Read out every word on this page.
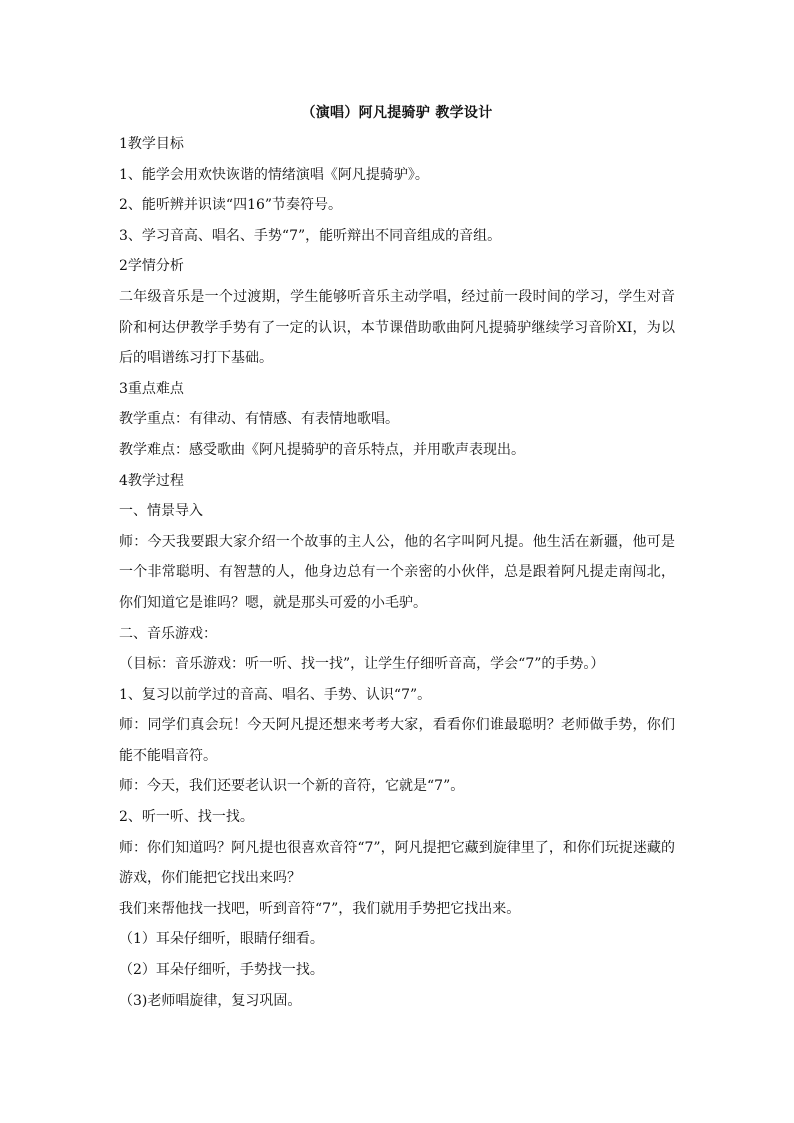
（演唱）阿凡提骑驴 教学设计

1教学目标

1、能学会用欢快诙谐的情绪演唱《阿凡提骑驴》。

2、能听辨并识读“四16”节奏符号。

3、学习音高、唱名、手势“7”，能听辩出不同音组成的音组。

2学情分析

二年级音乐是一个过渡期，学生能够听音乐主动学唱，经过前一段时间的学习，学生对音阶和柯达伊教学手势有了一定的认识，本节课借助歌曲阿凡提骑驴继续学习音阶XI，为以后的唱谱练习打下基础。

3重点难点

教学重点：有律动、有情感、有表情地歌唱。

教学难点：感受歌曲《阿凡提骑驴的音乐特点，并用歌声表现出。

4教学过程

一、情景导入

师：今天我要跟大家介绍一个故事的主人公，他的名字叫阿凡提。他生活在新疆，他可是一个非常聪明、有智慧的人，他身边总有一个亲密的小伙伴，总是跟着阿凡提走南闯北，你们知道它是谁吗？嗯，就是那头可爱的小毛驴。

二、音乐游戏：

（目标：音乐游戏：听一听、找一找”，让学生仔细听音高，学会“7”的手势。）

1、复习以前学过的音高、唱名、手势、认识“7”。

师：同学们真会玩！今天阿凡提还想来考考大家，看看你们谁最聪明？老师做手势，你们能不能唱音符。

师：今天，我们还要老认识一个新的音符，它就是“7”。

2、听一听、找一找。

师：你们知道吗？阿凡提也很喜欢音符“7”，阿凡提把它藏到旋律里了，和你们玩捉迷藏的游戏，你们能把它找出来吗？

我们来帮他找一找吧，听到音符“7”，我们就用手势把它找出来。

（1）耳朵仔细听，眼睛仔细看。

（2）耳朵仔细听，手势找一找。

（3)老师唱旋律，复习巩固。
